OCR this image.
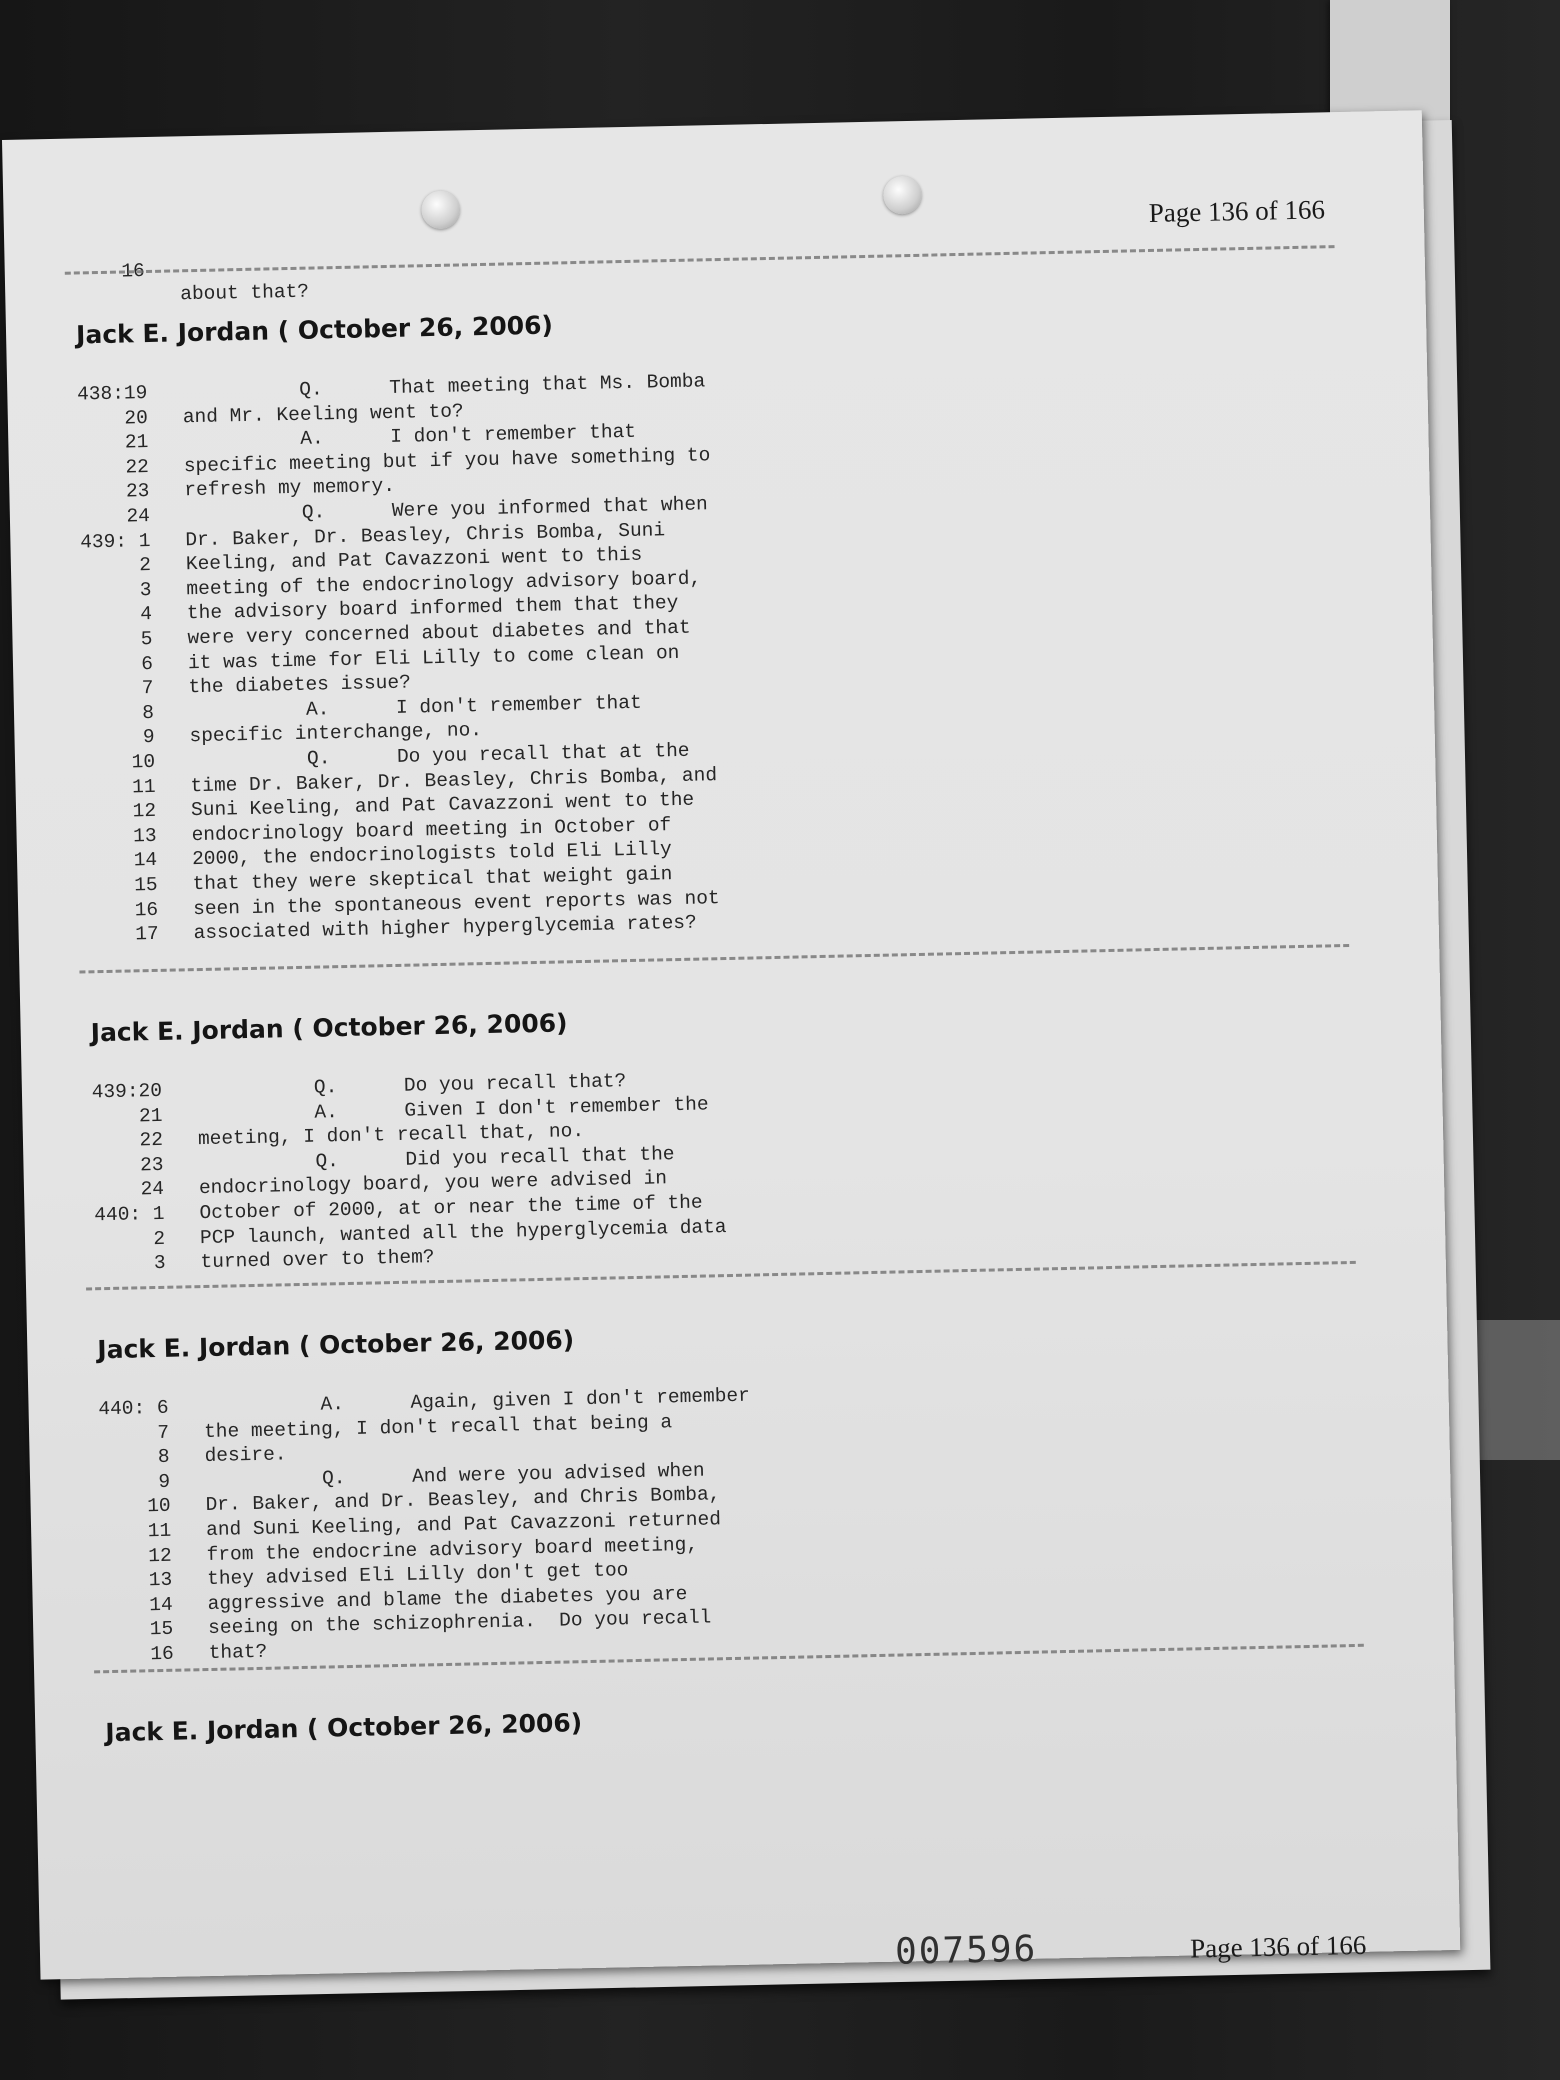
Page 136 of 166

16

about that?

Jack E. Jordan ( October 26, 2006)
438:19	Q.	That meeting that Ms. Bomba
20 and Mr. Keeling went to?
21	A.	I don't remember that
22 specific meeting but if you have something to
23 refresh my memory.
24	Q.	Were you informed that when
439: 1 Dr. Baker, Dr. Beasley, Chris Bomba, Suni
2 Keeling, and Pat Cavazzoni went to this
3 meeting of the endocrinology advisory board,
4 the advisory board informed them that they
5 were very concerned about diabetes and that
6 it was time for Eli Lilly to come clean on
7 the diabetes issue?
8	A.	I don't remember that
9 specific interchange, no.
10	Q.	Do you recall that at the
11 time Dr. Baker, Dr. Beasley, Chris Bomba, and
12 Suni Keeling, and Pat Cavazzoni went to the
13 endocrinology board meeting in October of
14 2000, the endocrinologists told Eli Lilly
15 that they were skeptical that weight gain
16 seen in the spontaneous event reports was not
17 associated with higher hyperglycemia rates?
Jack E. Jordan ( October 26, 2006)
439:20	Q.	Do you recall that?
21	A.	Given I don't remember the
22 meeting, I don't recall that, no.
23	Q.	Did you recall that the
24 endocrinology board, you were advised in
440: 1 October of 2000, at or near the time of the
2 PCP launch, wanted all the hyperglycemia data
3 turned over to them?
Jack E. Jordan ( October 26, 2006)
440: 6	A.	Again, given I don't remember
7 the meeting, I don't recall that being a
8 desire.
9	Q.	And were you advised when
10 Dr. Baker, and Dr. Beasley, and Chris Bomba,
11 and Suni Keeling, and Pat Cavazzoni returned
12 from the endocrine advisory board meeting,
13 they advised Eli Lilly don't get too
14 aggressive and blame the diabetes you are
15 seeing on the schizophrenia.  Do you recall
16 that?
Jack E. Jordan ( October 26, 2006)
007596	Page 136 of 166
